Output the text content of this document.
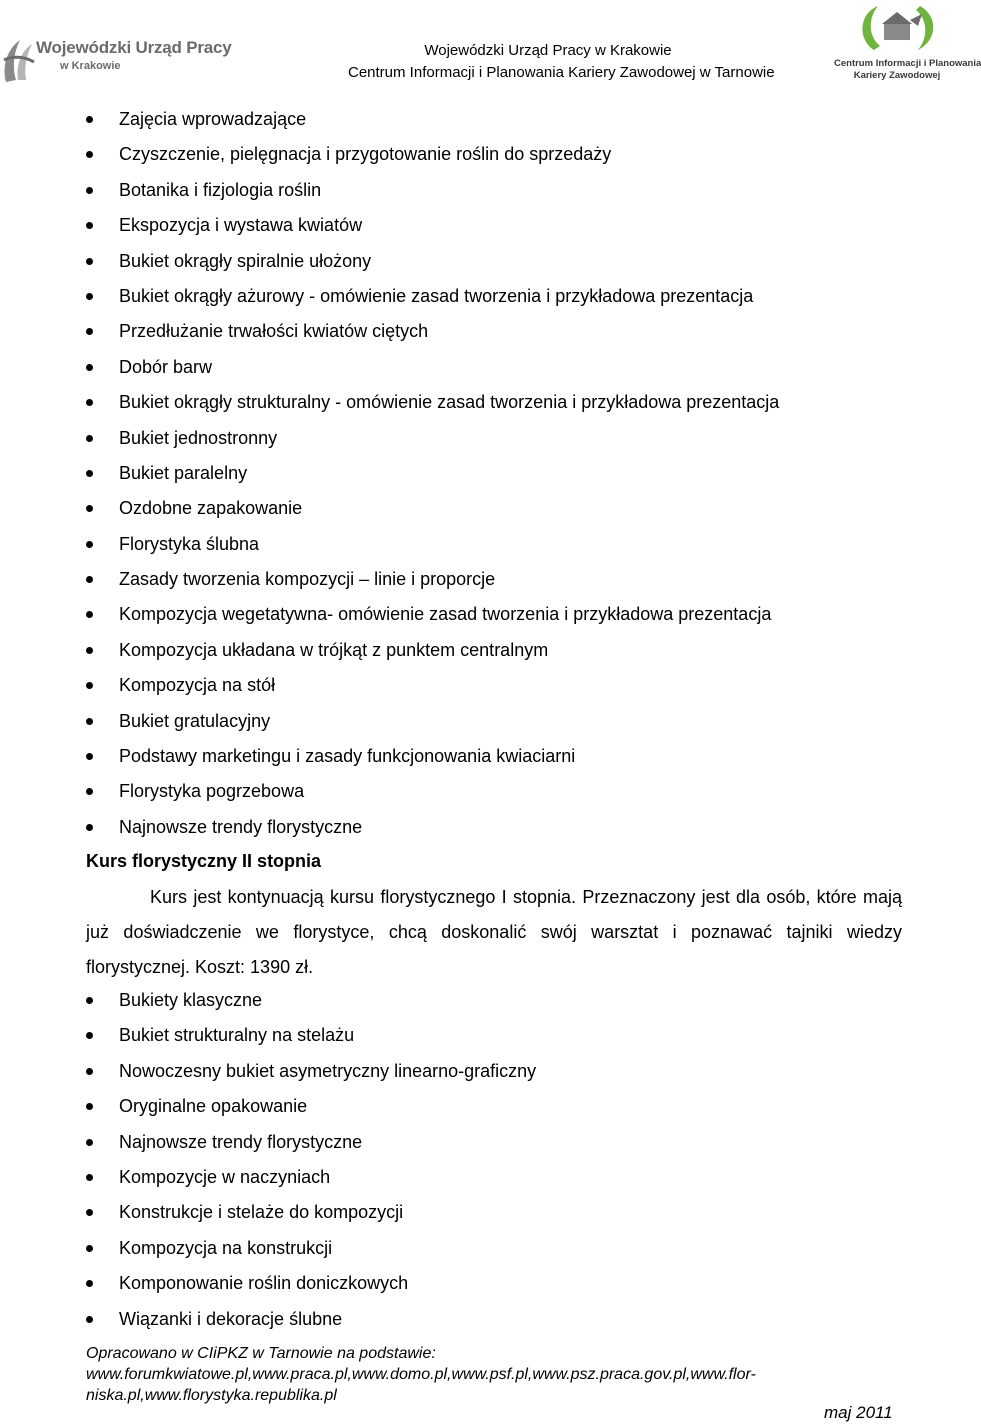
Wojewódzki Urząd Pracy
w Krakowie
Wojewódzki Urząd Pracy w Krakowie
Centrum Informacji i Planowania Kariery Zawodowej w Tarnowie
Centrum Informacji i Planowania
Kariery Zawodowej
Zajęcia wprowadzające
Czyszczenie, pielęgnacja i przygotowanie roślin do sprzedaży
Botanika i fizjologia roślin
Ekspozycja i wystawa kwiatów
Bukiet okrągły spiralnie ułożony
Bukiet okrągły ażurowy - omówienie zasad tworzenia i przykładowa prezentacja
Przedłużanie trwałości kwiatów ciętych
Dobór barw
Bukiet okrągły strukturalny - omówienie zasad tworzenia i przykładowa prezentacja
Bukiet jednostronny
Bukiet paralelny
Ozdobne zapakowanie
Florystyka ślubna
Zasady tworzenia kompozycji – linie i proporcje
Kompozycja wegetatywna- omówienie zasad tworzenia i przykładowa prezentacja
Kompozycja układana w trójkąt z punktem centralnym
Kompozycja na stół
Bukiet gratulacyjny
Podstawy marketingu i zasady funkcjonowania kwiaciarni
Florystyka pogrzebowa
Najnowsze trendy florystyczne
Kurs florystyczny II stopnia
Kurs jest kontynuacją kursu florystycznego I stopnia. Przeznaczony jest dla osób, które mają już doświadczenie we florystyce, chcą doskonalić swój warsztat i poznawać tajniki wiedzy florystycznej. Koszt: 1390 zł.
Bukiety klasyczne
Bukiet strukturalny na stelażu
Nowoczesny bukiet asymetryczny linearno-graficzny
Oryginalne opakowanie
Najnowsze trendy florystyczne
Kompozycje w naczyniach
Konstrukcje i stelaże do kompozycji
Kompozycja na konstrukcji
Komponowanie roślin doniczkowych
Wiązanki i dekoracje ślubne
Opracowano w CIiPKZ w Tarnowie na podstawie:
www.forumkwiatowe.pl,www.praca.pl,www.domo.pl,www.psf.pl,www.psz.praca.gov.pl,www.flor-
niska.pl,www.florystyka.republika.pl
maj 2011
